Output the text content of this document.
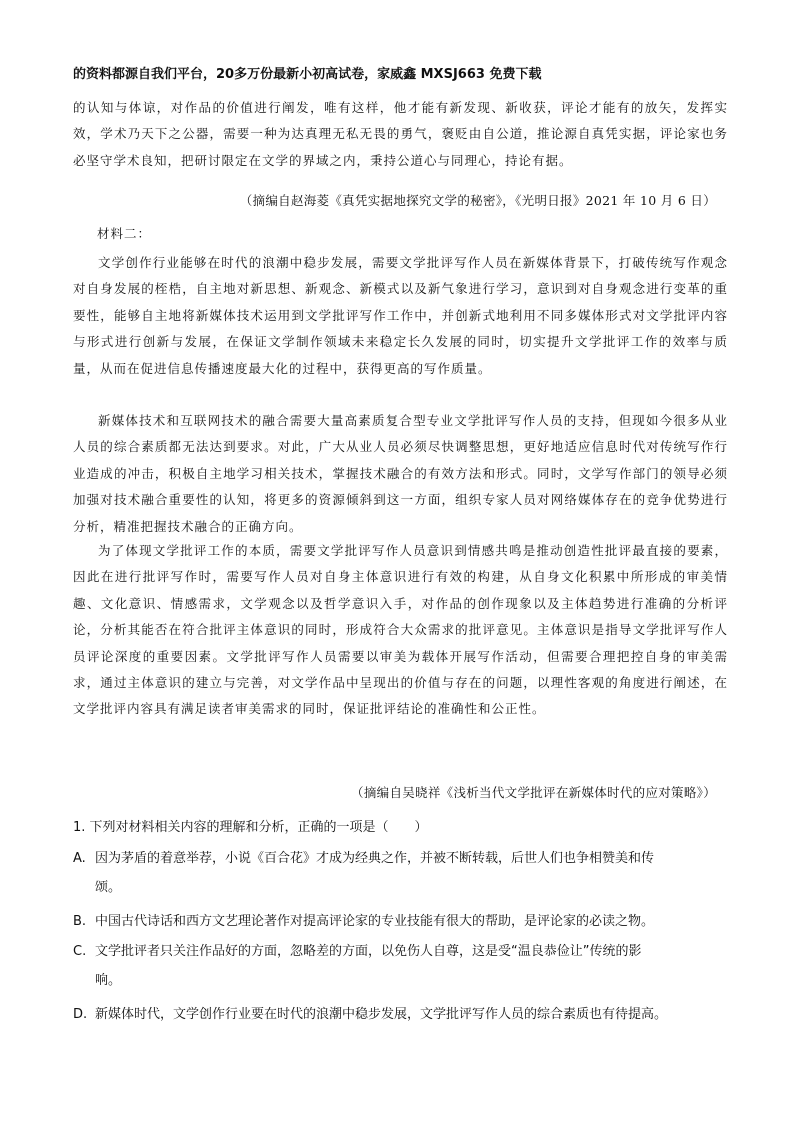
的资料都源自我们平台，20多万份最新小初高试卷，家威鑫 MXSJ663 免费下载
的认知与体谅，对作品的价值进行阐发，唯有这样，他才能有新发现、新收获，评论才能有的放矢，发挥实效，学术乃天下之公器，需要一种为达真理无私无畏的勇气，褒贬由自公道，推论源自真凭实据，评论家也务必坚守学术良知，把研讨限定在文学的界域之内，秉持公道心与同理心，持论有据。
（摘编自赵海菱《真凭实据地探究文学的秘密》，《光明日报》2021 年 10 月 6 日）
材料二：
文学创作行业能够在时代的浪潮中稳步发展，需要文学批评写作人员在新媒体背景下，打破传统写作观念对自身发展的桎梏，自主地对新思想、新观念、新模式以及新气象进行学习，意识到对自身观念进行变革的重要性，能够自主地将新媒体技术运用到文学批评写作工作中，并创新式地利用不同多媒体形式对文学批评内容与形式进行创新与发展，在保证文学制作领域未来稳定长久发展的同时，切实提升文学批评工作的效率与质量，从而在促进信息传播速度最大化的过程中，获得更高的写作质量。
新媒体技术和互联网技术的融合需要大量高素质复合型专业文学批评写作人员的支持，但现如今很多从业人员的综合素质都无法达到要求。对此，广大从业人员必须尽快调整思想，更好地适应信息时代对传统写作行业造成的冲击，积极自主地学习相关技术，掌握技术融合的有效方法和形式。同时，文学写作部门的领导必须加强对技术融合重要性的认知，将更多的资源倾斜到这一方面，组织专家人员对网络媒体存在的竞争优势进行分析，精准把握技术融合的正确方向。
为了体现文学批评工作的本质，需要文学批评写作人员意识到情感共鸣是推动创造性批评最直接的要素，因此在进行批评写作时，需要写作人员对自身主体意识进行有效的构建，从自身文化积累中所形成的审美情趣、文化意识、情感需求，文学观念以及哲学意识入手，对作品的创作现象以及主体趋势进行准确的分析评论，分析其能否在符合批评主体意识的同时，形成符合大众需求的批评意见。主体意识是指导文学批评写作人员评论深度的重要因素。文学批评写作人员需要以审美为载体开展写作活动，但需要合理把控自身的审美需求，通过主体意识的建立与完善，对文学作品中呈现出的价值与存在的问题，以理性客观的角度进行阐述，在文学批评内容具有满足读者审美需求的同时，保证批评结论的准确性和公正性。
（摘编自吴晓祥《浅析当代文学批评在新媒体时代的应对策略》）
1. 下列对材料相关内容的理解和分析，正确的一项是（　　）
A. 因为茅盾的着意举荐，小说《百合花》才成为经典之作，并被不断转载，后世人们也争相赞美和传
颂。
B. 中国古代诗话和西方文艺理论著作对提高评论家的专业技能有很大的帮助，是评论家的必读之物。
C. 文学批评者只关注作品好的方面，忽略差的方面，以免伤人自尊，这是受“温良恭俭让”传统的影
响。
D. 新媒体时代，文学创作行业要在时代的浪潮中稳步发展，文学批评写作人员的综合素质也有待提高。
